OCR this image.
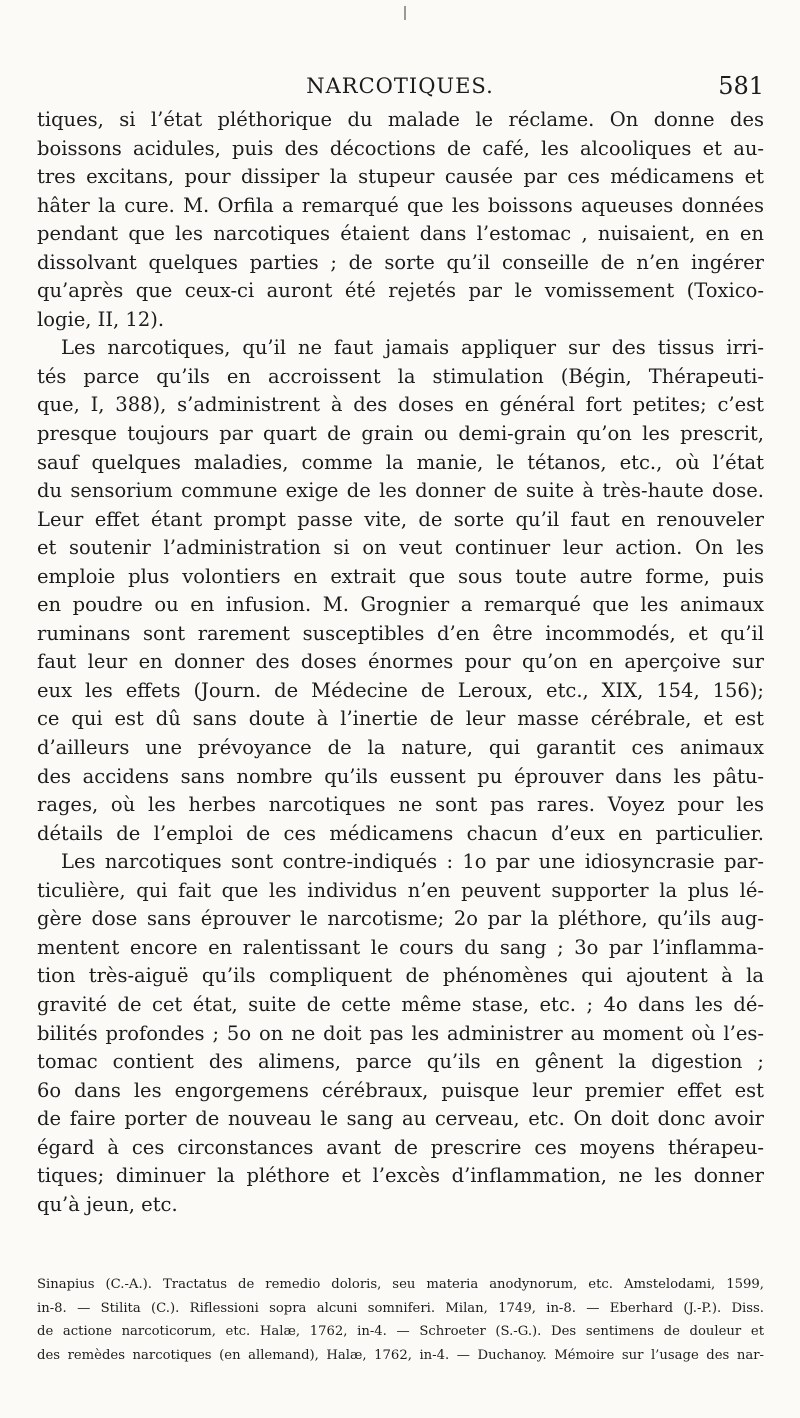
NARCOTIQUES.	581
tiques, si l’état pléthorique du malade le réclame. On donne des
boissons acidules, puis des décoctions de café, les alcooliques et au-
tres excitans, pour dissiper la stupeur causée par ces médicamens et
hâter la cure. M. Orfila a remarqué que les boissons aqueuses données
pendant que les narcotiques étaient dans l’estomac , nuisaient, en en
dissolvant quelques parties ; de sorte qu’il conseille de n’en ingérer
qu’après que ceux-ci auront été rejetés par le vomissement (Toxico-
logie, II, 12).
Les narcotiques, qu’il ne faut jamais appliquer sur des tissus irri-
tés parce qu’ils en accroissent la stimulation (Bégin, Thérapeuti-
que, I, 388), s’administrent à des doses en général fort petites; c’est
presque toujours par quart de grain ou demi-grain qu’on les prescrit,
sauf quelques maladies, comme la manie, le tétanos, etc., où l’état
du sensorium commune exige de les donner de suite à très-haute dose.
Leur effet étant prompt passe vite, de sorte qu’il faut en renouveler
et soutenir l’administration si on veut continuer leur action. On les
emploie plus volontiers en extrait que sous toute autre forme, puis
en poudre ou en infusion. M. Grognier a remarqué que les animaux
ruminans sont rarement susceptibles d’en être incommodés, et qu’il
faut leur en donner des doses énormes pour qu’on en aperçoive sur
eux les effets (Journ. de Médecine de Leroux, etc., XIX, 154, 156);
ce qui est dû sans doute à l’inertie de leur masse cérébrale, et est
d’ailleurs une prévoyance de la nature, qui garantit ces animaux
des accidens sans nombre qu’ils eussent pu éprouver dans les pâtu-
rages, où les herbes narcotiques ne sont pas rares. Voyez pour les
détails de l’emploi de ces médicamens chacun d’eux en particulier.
Les narcotiques sont contre-indiqués : 1o par une idiosyncrasie par-
ticulière, qui fait que les individus n’en peuvent supporter la plus lé-
gère dose sans éprouver le narcotisme; 2o par la pléthore, qu’ils aug-
mentent encore en ralentissant le cours du sang ; 3o par l’inflamma-
tion très-aiguë qu’ils compliquent de phénomènes qui ajoutent à la
gravité de cet état, suite de cette même stase, etc. ; 4o dans les dé-
bilités profondes ; 5o on ne doit pas les administrer au moment où l’es-
tomac contient des alimens, parce qu’ils en gênent la digestion ;
6o dans les engorgemens cérébraux, puisque leur premier effet est
de faire porter de nouveau le sang au cerveau, etc. On doit donc avoir
égard à ces circonstances avant de prescrire ces moyens thérapeu-
tiques; diminuer la pléthore et l’excès d’inflammation, ne les donner
qu’à jeun, etc.
Sinapius (C.-A.). Tractatus de remedio doloris, seu materia anodynorum, etc. Amstelodami, 1599,
in-8. — Stilita (C.). Riflessioni sopra alcuni somniferi. Milan, 1749, in-8. — Eberhard (J.-P.). Diss.
de actione narcoticorum, etc. Halæ, 1762, in-4. — Schroeter (S.-G.). Des sentimens de douleur et
des remèdes narcotiques (en allemand), Halæ, 1762, in-4. — Duchanoy. Mémoire sur l’usage des nar-
